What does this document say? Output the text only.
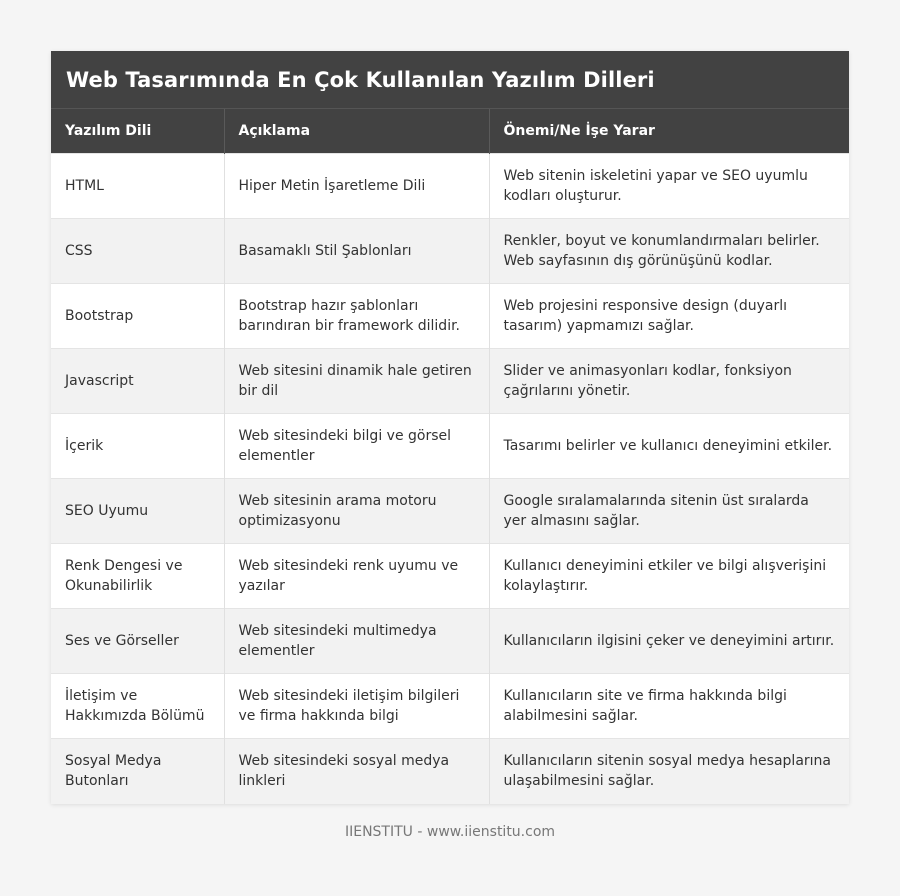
Web Tasarımında En Çok Kullanılan Yazılım Dilleri
Yazılım Dili	Açıklama	Önemi/Ne İşe Yarar
HTML	Hiper Metin İşaretleme Dili	Web sitenin iskeletini yapar ve SEO uyumlu kodları oluşturur.
CSS	Basamaklı Stil Şablonları	Renkler, boyut ve konumlandırmaları belirler. Web sayfasının dış görünüşünü kodlar.
Bootstrap	Bootstrap hazır şablonları barındıran bir framework dilidir.	Web projesini responsive design (duyarlı tasarım) yapmamızı sağlar.
Javascript	Web sitesini dinamik hale getiren bir dil	Slider ve animasyonları kodlar, fonksiyon çağrılarını yönetir.
İçerik	Web sitesindeki bilgi ve görsel elementler	Tasarımı belirler ve kullanıcı deneyimini etkiler.
SEO Uyumu	Web sitesinin arama motoru optimizasyonu	Google sıralamalarında sitenin üst sıralarda yer almasını sağlar.
Renk Dengesi ve Okunabilirlik	Web sitesindeki renk uyumu ve yazılar	Kullanıcı deneyimini etkiler ve bilgi alışverişini kolaylaştırır.
Ses ve Görseller	Web sitesindeki multimedya elementler	Kullanıcıların ilgisini çeker ve deneyimini artırır.
İletişim ve Hakkımızda Bölümü	Web sitesindeki iletişim bilgileri ve firma hakkında bilgi	Kullanıcıların site ve firma hakkında bilgi alabilmesini sağlar.
Sosyal Medya Butonları	Web sitesindeki sosyal medya linkleri	Kullanıcıların sitenin sosyal medya hesaplarına ulaşabilmesini sağlar.
IIENSTITU - www.iienstitu.com
